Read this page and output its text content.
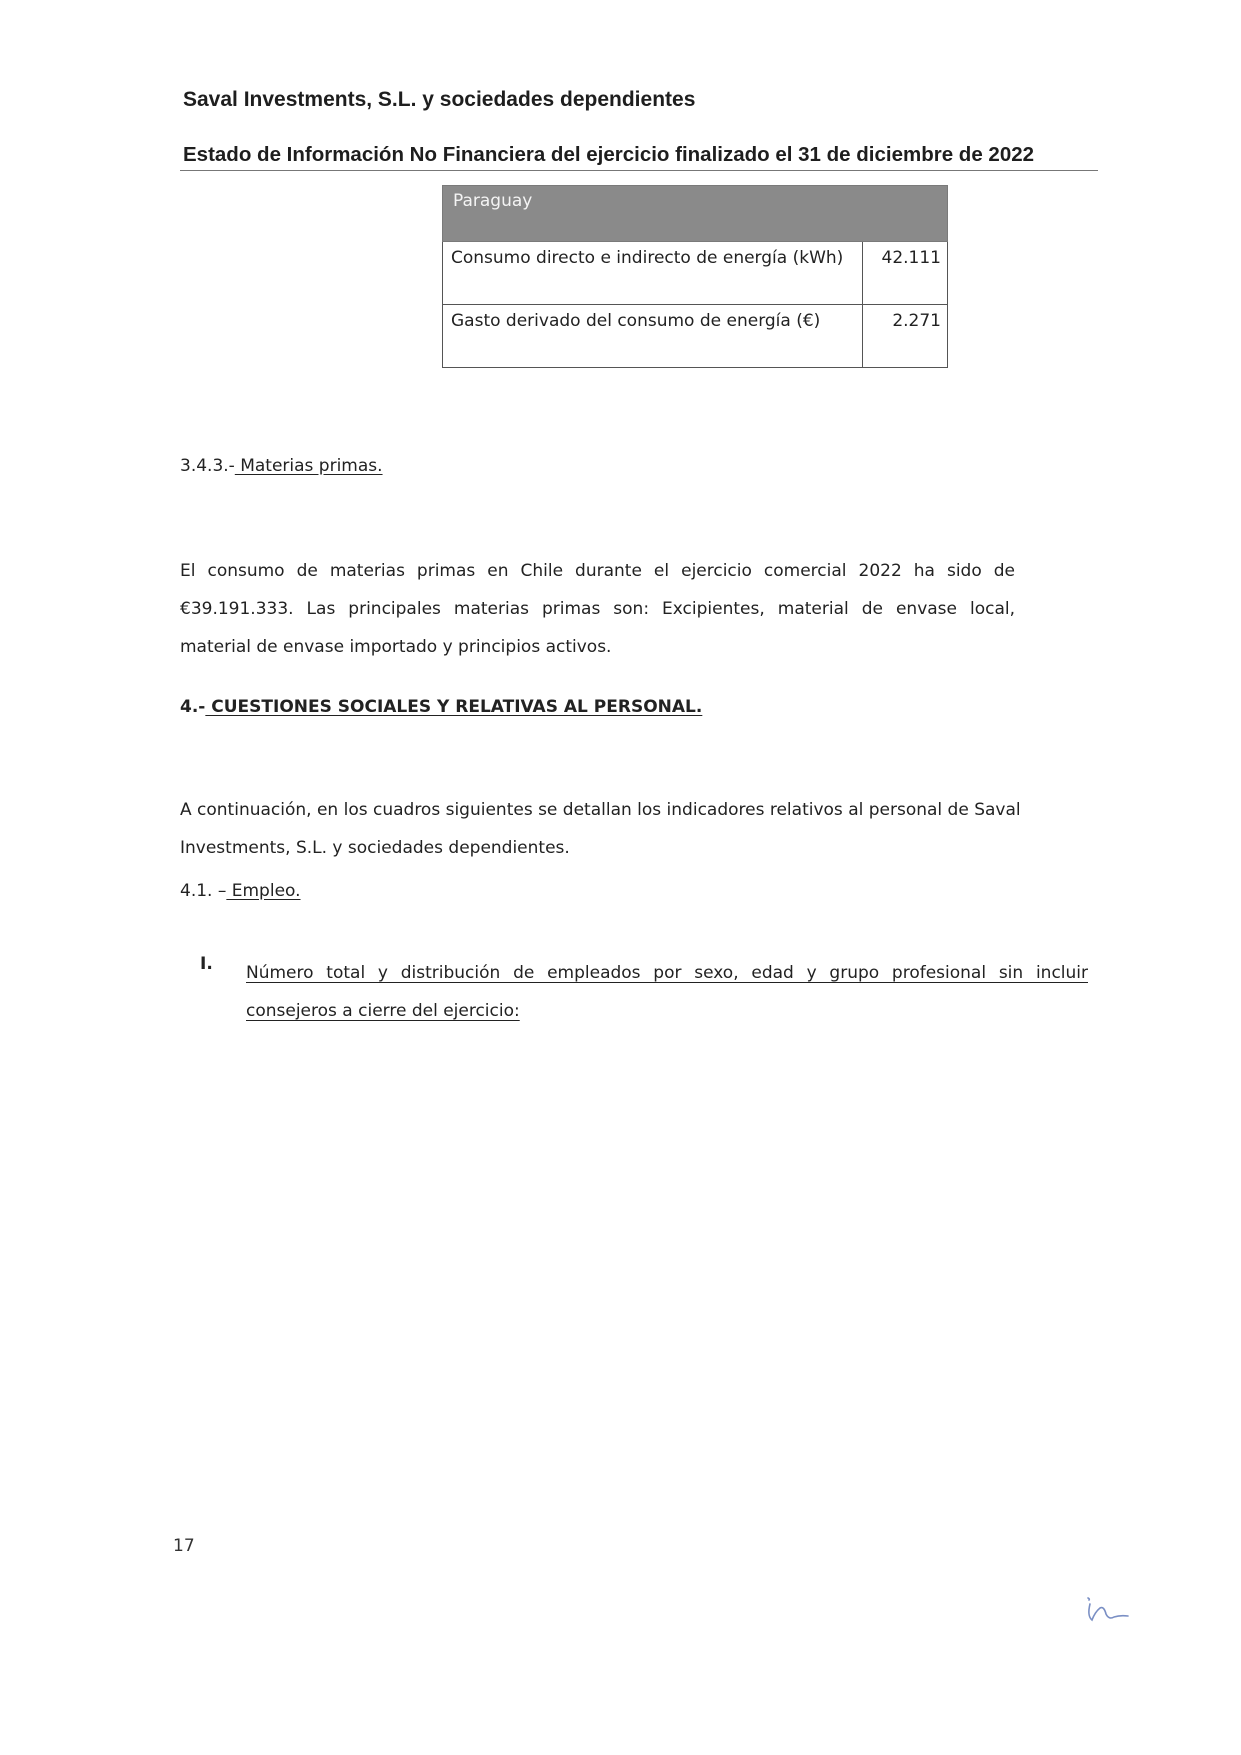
Saval Investments, S.L. y sociedades dependientes
Estado de Información No Financiera del ejercicio finalizado el 31 de diciembre de 2022
Paraguay	
Consumo directo e indirecto de energía (kWh)	42.111
Gasto derivado del consumo de energía (€)	2.271
3.4.3.- Materias primas.
El consumo de materias primas en Chile durante el ejercicio comercial 2022 ha sido de €39.191.333. Las principales materias primas son: Excipientes, material de envase local, material de envase importado y principios activos.
4.- CUESTIONES SOCIALES Y RELATIVAS AL PERSONAL.
A continuación, en los cuadros siguientes se detallan los indicadores relativos al personal de Saval Investments, S.L. y sociedades dependientes.
4.1. – Empleo.
I. Número total y distribución de empleados por sexo, edad y grupo profesional sin incluir consejeros a cierre del ejercicio:
17
